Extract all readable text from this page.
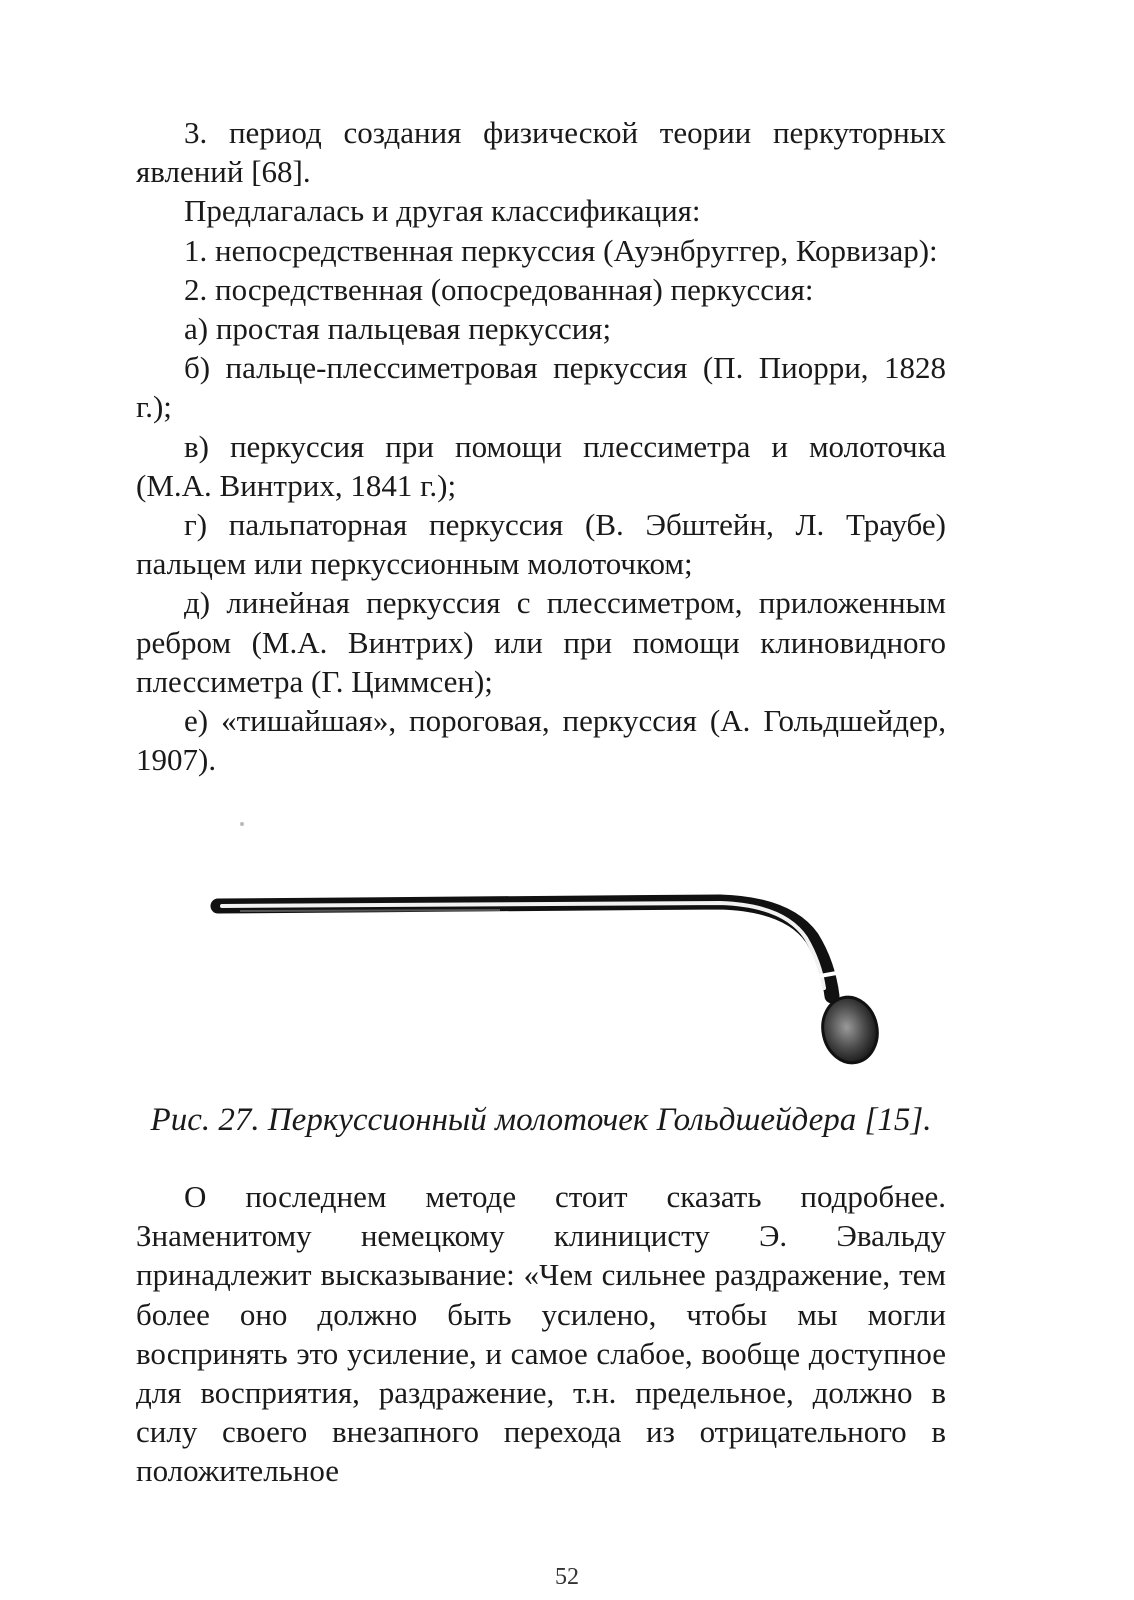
3. период создания физической теории перкуторных явлений [68].

Предлагалась и другая классификация:

1. непосредственная перкуссия (Ауэнбруггер, Корвизар):

2. посредственная (опосредованная) перкуссия:

а) простая пальцевая перкуссия;

б) пальце-плессиметровая перкуссия (П. Пиорри, 1828 г.);

в) перкуссия при помощи плессиметра и молоточка (М.А. Винтрих, 1841 г.);

г) пальпаторная перкуссия (В. Эбштейн, Л. Траубе) пальцем или перкуссионным молоточком;

д) линейная перкуссия с плессиметром, приложенным ребром (М.А. Винтрих) или при помощи клиновидного плессиметра (Г. Циммсен);

е) «тишайшая», пороговая, перкуссия (А. Гольдшейдер, 1907).

Рис. 27. Перкуссионный молоточек Гольдшейдера [15].

О последнем методе стоит сказать подробнее. Знаменитому немецкому клиницисту Э. Эвальду принадлежит высказывание: «Чем сильнее раздражение, тем более оно должно быть усилено, чтобы мы могли воспринять это усиление, и самое слабое, вообще доступное для восприятия, раздражение, т.н. предельное, должно в силу своего внезапного перехода из отрицательного в положительное

52
